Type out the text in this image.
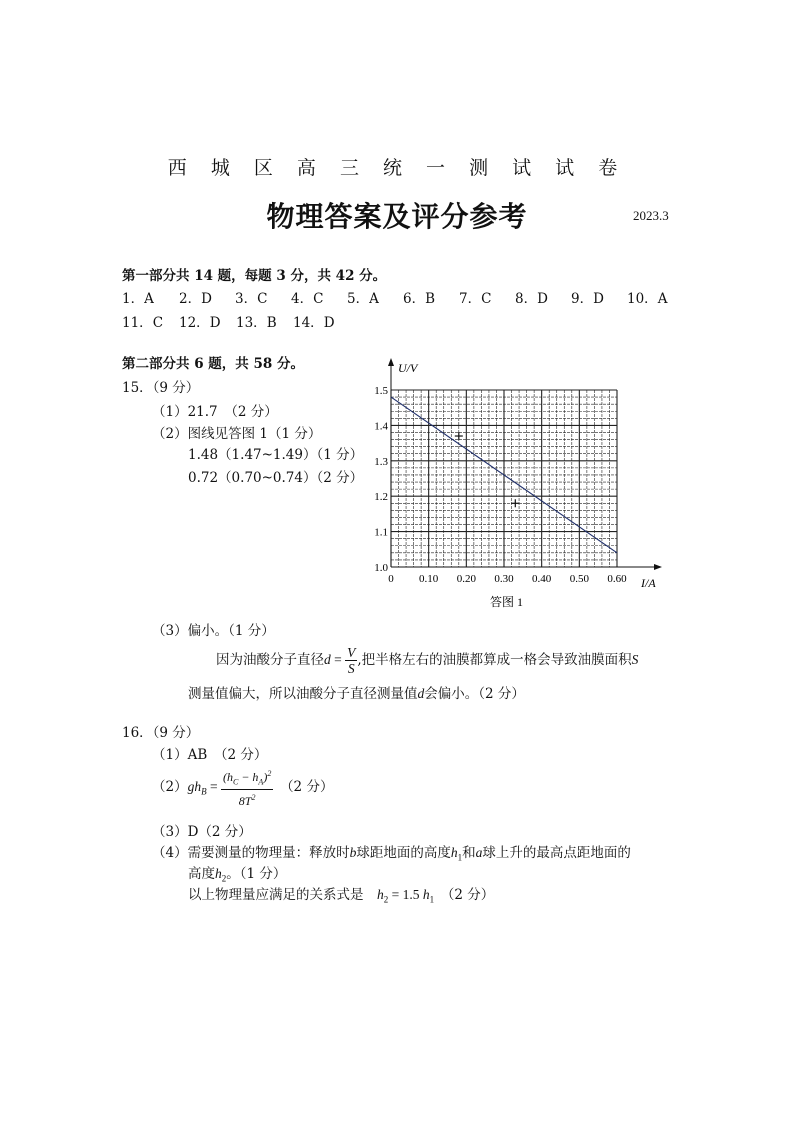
西 城 区 高 三 统 一 测 试 试 卷
物理答案及评分参考	2023.3
第一部分共 14 题，每题 3 分，共 42 分。
1．A 2．D 3．C 4．C 5．A 6．B 7．C 8．D 9．D 10．A
11．C 12．D 13．B 14．D
第二部分共 6 题，共 58 分。
15．（9 分）
（1）21.7　（2 分）
（2）图线见答图 1（1 分）
1.48（1.47~1.49）（1 分）
0.72（0.70~0.74）（2 分）
0 0.10 0.20 0.30 0.40 0.50 0.60
1.0
1.1
1.2
1.3
1.4
1.5
U/V
I/A
答图 1
（3）偏小。（1 分）
因为油酸分子直径$d = \frac{V}{S}$ ,把半格左右的油膜都算成一格会导致油膜面积S
测量值偏大，所以油酸分子直径测量值d会偏小。（2 分）
16．（9 分）
（1）AB　（2 分）
$(2)gh_B = \frac{(h_C - h_A)^2}{8T^2}$
　 （2 分）
（3）D（2 分）
（4）需要测量的物理量：释放时b球距地面的高度$h_1$和a球上升的最高点距地面的
高度$h_2$。（1 分）
以上物理量应满足的关系式是　 $h_2 = 1.5$ $h_1$　 （2 分）
